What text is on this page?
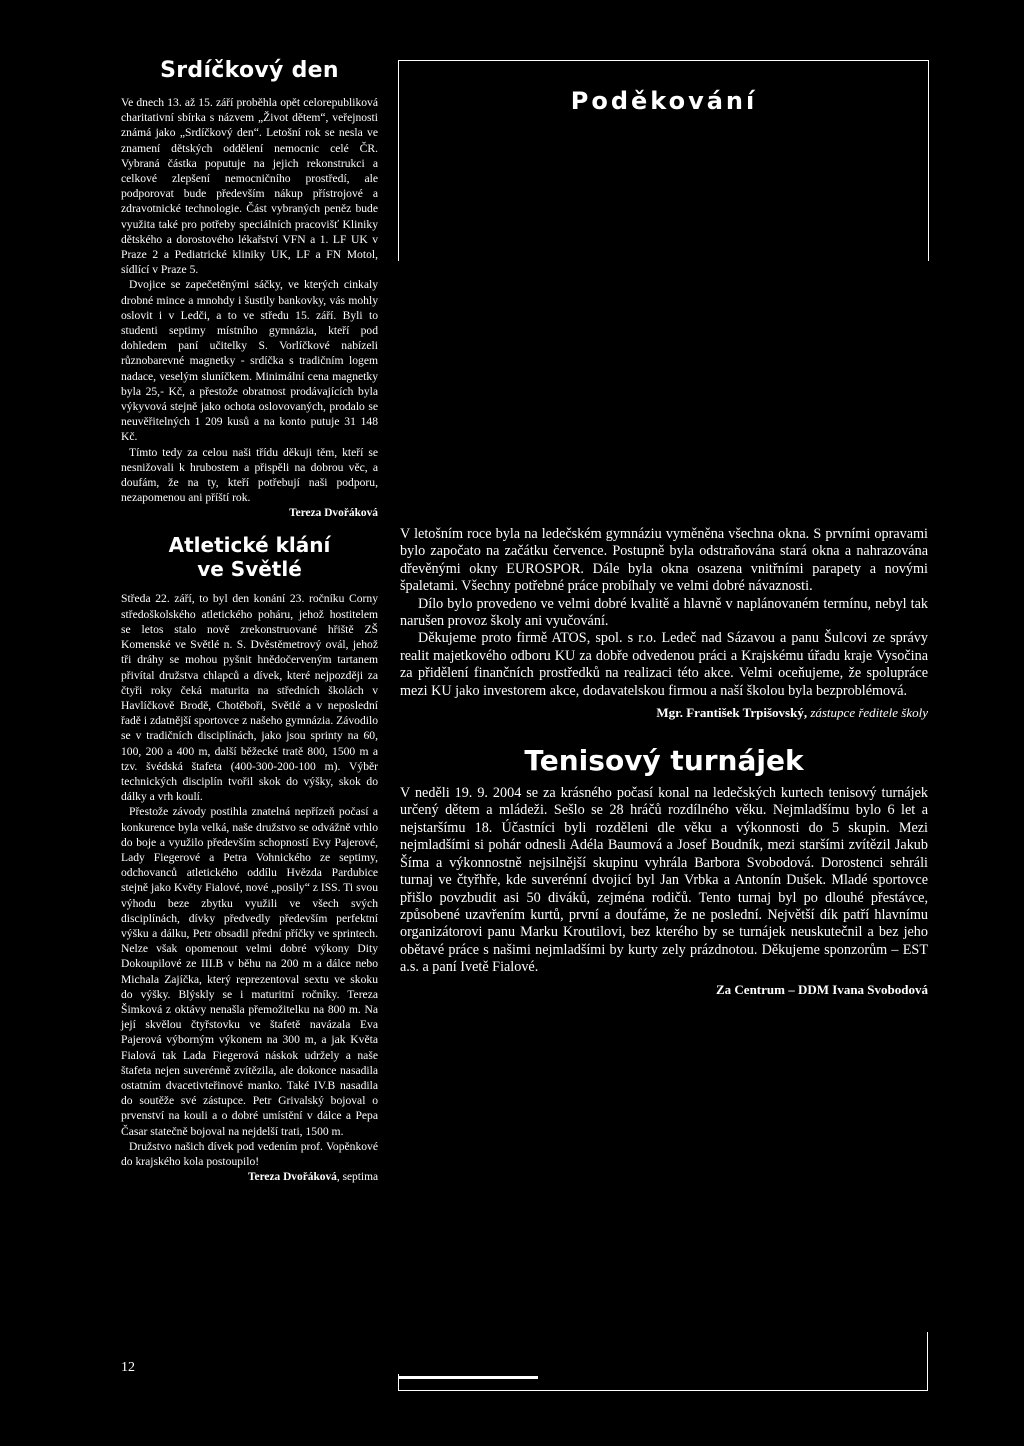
Srdíčkový den

Ve dnech 13. až 15. září proběhla opět celorepubliková charitativní sbírka s názvem „Život dětem“, veřejnosti známá jako „Srdíčkový den“. Letošní rok se nesla ve znamení dětských oddělení nemocnic celé ČR. Vybraná částka poputuje na jejich rekonstrukci a celkové zlepšení nemocničního prostředí, ale podporovat bude především nákup přístrojové a zdravotnické technologie. Část vybraných peněz bude využita také pro potřeby speciálních pracovišť Kliniky dětského a dorostového lékařství VFN a 1. LF UK v Praze 2 a Pediatrické kliniky UK, LF a FN Motol, sídlící v Praze 5.

Dvojice se zapečetěnými sáčky, ve kterých cinkaly drobné mince a mnohdy i šustily bankovky, vás mohly oslovit i v Ledči, a to ve středu 15. září. Byli to studenti septimy místního gymnázia, kteří pod dohledem paní učitelky S. Vorlíčkové nabízeli různobarevné magnetky - srdíčka s tradičním logem nadace, veselým sluníčkem. Minimální cena magnetky byla 25,- Kč, a přestože obratnost prodávajících byla výkyvová stejně jako ochota oslovovaných, prodalo se neuvěřitelných 1 209 kusů a na konto putuje 31 148 Kč.

Tímto tedy za celou naši třídu děkuji těm, kteří se nesnižovali k hrubostem a přispěli na dobrou věc, a doufám, že na ty, kteří potřebují naši podporu, nezapomenou ani příští rok.

Tereza Dvořáková

Atletické klání
ve Světlé

Středa 22. září, to byl den konání 23. ročníku Corny středoškolského atletického poháru, jehož hostitelem se letos stalo nově zrekonstruované hřiště ZŠ Komenské ve Světlé n. S. Dvěstěmetrový ovál, jehož tři dráhy se mohou pyšnit hnědočerveným tartanem přivítal družstva chlapců a dívek, které nejpozději za čtyři roky čeká maturita na středních školách v Havlíčkově Brodě, Chotěboři, Světlé a v neposlední řadě i zdatnější sportovce z našeho gymnázia. Závodilo se v tradičních disciplínách, jako jsou sprinty na 60, 100, 200 a 400 m, další běžecké tratě 800, 1500 m a tzv. švédská štafeta (400-300-200-100 m). Výběr technických disciplín tvořil skok do výšky, skok do dálky a vrh koulí.

Přestože závody postihla znatelná nepřízeň počasí a konkurence byla velká, naše družstvo se odvážně vrhlo do boje a využilo především schopností Evy Pajerové, Lady Fiegerové a Petra Vohnického ze septimy, odchovanců atletického oddílu Hvězda Pardubice stejně jako Květy Fialové, nové „posily“ z ISS. Ti svou výhodu beze zbytku využili ve všech svých disciplínách, dívky předvedly především perfektní výšku a dálku, Petr obsadil přední příčky ve sprintech. Nelze však opomenout velmi dobré výkony Dity Dokoupilové ze III.B v běhu na 200 m a dálce nebo Michala Zajíčka, který reprezentoval sextu ve skoku do výšky. Blýskly se i maturitní ročníky. Tereza Šimková z oktávy nenašla přemožitelku na 800 m. Na její skvělou čtyřstovku ve štafetě navázala Eva Pajerová výborným výkonem na 300 m, a jak Květa Fialová tak Lada Fiegerová náskok udržely a naše štafeta nejen suverénně zvítězila, ale dokonce nasadila ostatním dvacetivteřinové manko. Také IV.B nasadila do soutěže své zástupce. Petr Grivalský bojoval o prvenství na kouli a o dobré umístění v dálce a Pepa Časar statečně bojoval na nejdelší trati, 1500 m.

Družstvo našich dívek pod vedením prof. Vopěnkové do krajského kola postoupilo!

Tereza Dvořáková, septima

Poděkování

V letošním roce byla na ledečském gymnáziu vyměněna všechna okna. S prvními opravami bylo započato na začátku července. Postupně byla odstraňována stará okna a nahrazována dřevěnými okny EUROSPOR. Dále byla okna osazena vnitřními parapety a novými špaletami. Všechny potřebné práce probíhaly ve velmi dobré návaznosti.

Dílo bylo provedeno ve velmi dobré kvalitě a hlavně v naplánovaném termínu, nebyl tak narušen provoz školy ani vyučování.

Děkujeme proto firmě ATOS, spol. s r.o. Ledeč nad Sázavou a panu Šulcovi ze správy realit majetkového odboru KU za dobře odvedenou práci a Krajskému úřadu kraje Vysočina za přidělení finančních prostředků na realizaci této akce. Velmi oceňujeme, že spolupráce mezi KU jako investorem akce, dodavatelskou firmou a naší školou byla bezproblémová.

Mgr. František Trpišovský, zástupce ředitele školy

Tenisový turnájek

V neděli 19. 9. 2004 se za krásného počasí konal na ledečských kurtech tenisový turnájek určený dětem a mládeži. Sešlo se 28 hráčů rozdílného věku. Nejmladšímu bylo 6 let a nejstaršímu 18. Účastníci byli rozděleni dle věku a výkonnosti do 5 skupin. Mezi nejmladšími si pohár odnesli Adéla Baumová a Josef Boudník, mezi staršími zvítězil Jakub Šíma a výkonnostně nejsilnější skupinu vyhrála Barbora Svobodová. Dorostenci sehráli turnaj ve čtyřhře, kde suverénní dvojicí byl Jan Vrbka a Antonín Dušek. Mladé sportovce přišlo povzbudit asi 50 diváků, zejména rodičů. Tento turnaj byl po dlouhé přestávce, způsobené uzavřením kurtů, první a doufáme, že ne poslední. Největší dík patří hlavnímu organizátorovi panu Marku Kroutilovi, bez kterého by se turnájek neuskutečnil a bez jeho obětavé práce s našimi nejmladšími by kurty zely prázdnotou. Děkujeme sponzorům – EST a.s. a paní Ivetě Fialové.

Za Centrum – DDM Ivana Svobodová

12
